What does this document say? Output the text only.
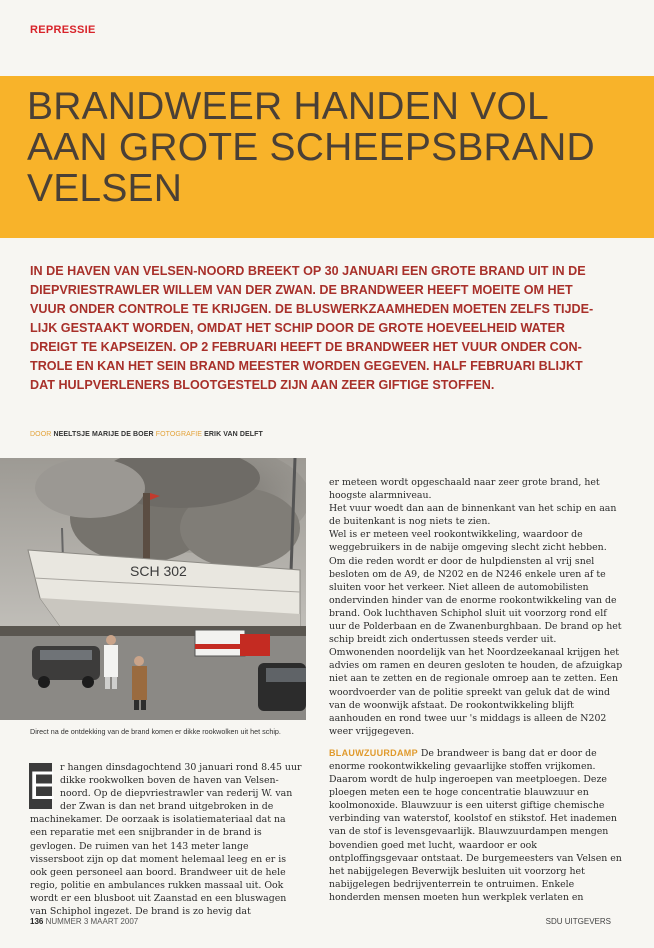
REPRESSIE
BRANDWEER HANDEN VOL
AAN GROTE SCHEEPSBRAND
VELSEN

IN DE HAVEN VAN VELSEN-NOORD BREEKT OP 30 JANUARI EEN GROTE BRAND UIT IN DE DIEPVRIESTRAWLER WILLEM VAN DER ZWAN. DE BRANDWEER HEEFT MOEITE OM HET VUUR ONDER CONTROLE TE KRIJGEN. DE BLUSWERKZAAMHEDEN MOETEN ZELFS TIJDE-LIJK GESTAAKT WORDEN, OMDAT HET SCHIP DOOR DE GROTE HOEVEELHEID WATER DREIGT TE KAPSEIZEN. OP 2 FEBRUARI HEEFT DE BRANDWEER HET VUUR ONDER CON-TROLE EN KAN HET SEIN BRAND MEESTER WORDEN GEGEVEN. HALF FEBRUARI BLIJKT DAT HULPVERLENERS BLOOTGESTELD ZIJN AAN ZEER GIFTIGE STOFFEN.

DOOR NEELTSJE MARIJE DE BOER FOTOGRAFIE ERIK VAN DELFT
SCH 302
Direct na de ontdekking van de brand komen er dikke rookwolken uit het schip.
E r hangen dinsdagochtend 30 januari rond 8.45 uur dikke rookwolken boven de haven van Velsen-noord. Op de diepvriestrawler van rederij W. van der Zwan is dan net brand uitgebroken in de machinekamer. De oorzaak is isolatiemateriaal dat na een reparatie met een snijbrander in de brand is gevlogen. De ruimen van het 143 meter lange vissersboot zijn op dat moment helemaal leeg en er is ook geen personeel aan boord. Brandweer uit de hele regio, politie en ambulances rukken massaal uit. Ook wordt er een blusboot uit Zaanstad en een bluswagen van Schiphol ingezet. De brand is zo hevig dat

er meteen wordt opgeschaald naar zeer grote brand, het hoogste alarmniveau.

Het vuur woedt dan aan de binnenkant van het schip en aan de buitenkant is nog niets te zien.

Wel is er meteen veel rookontwikkeling, waardoor de weggebruikers in de nabije omgeving slecht zicht hebben. Om die reden wordt er door de hulpdiensten al vrij snel besloten om de A9, de N202 en de N246 enkele uren af te sluiten voor het verkeer. Niet alleen de automobilisten ondervinden hinder van de enorme rookontwikkeling van de brand. Ook luchthaven Schiphol sluit uit voorzorg rond elf uur de Polderbaan en de Zwanenburghbaan. De brand op het schip breidt zich ondertussen steeds verder uit. Omwonenden noordelijk van het Noordzeekanaal krijgen het advies om ramen en deuren gesloten te houden, de afzuigkap niet aan te zetten en de regionale omroep aan te zetten. Een woordvoerder van de politie spreekt van geluk dat de wind van de woonwijk afstaat. De rookontwikkeling blijft aanhouden en rond twee uur 's middags is alleen de N202 weer vrijgegeven.

BLAUWZUURDAMP De brandweer is bang dat er door de enorme rookontwikkeling gevaarlijke stoffen vrijkomen. Daarom wordt de hulp ingeroepen van meetploegen. Deze ploegen meten een te hoge concentratie blauwzuur en koolmonoxide. Blauwzuur is een uiterst giftige chemische verbinding van waterstof, koolstof en stikstof. Het inademen van de stof is levensgevaarlijk. Blauwzuurdampen mengen bovendien goed met lucht, waardoor er ook ontploffingsgevaar ontstaat. De burgemeesters van Velsen en het nabijgelegen Beverwijk besluiten uit voorzorg het nabijgelegen bedrijventerrein te ontruimen. Enkele honderden mensen moeten hun werkplek verlaten en

136 NUMMER 3 MAART 2007	SDU UITGEVERS
